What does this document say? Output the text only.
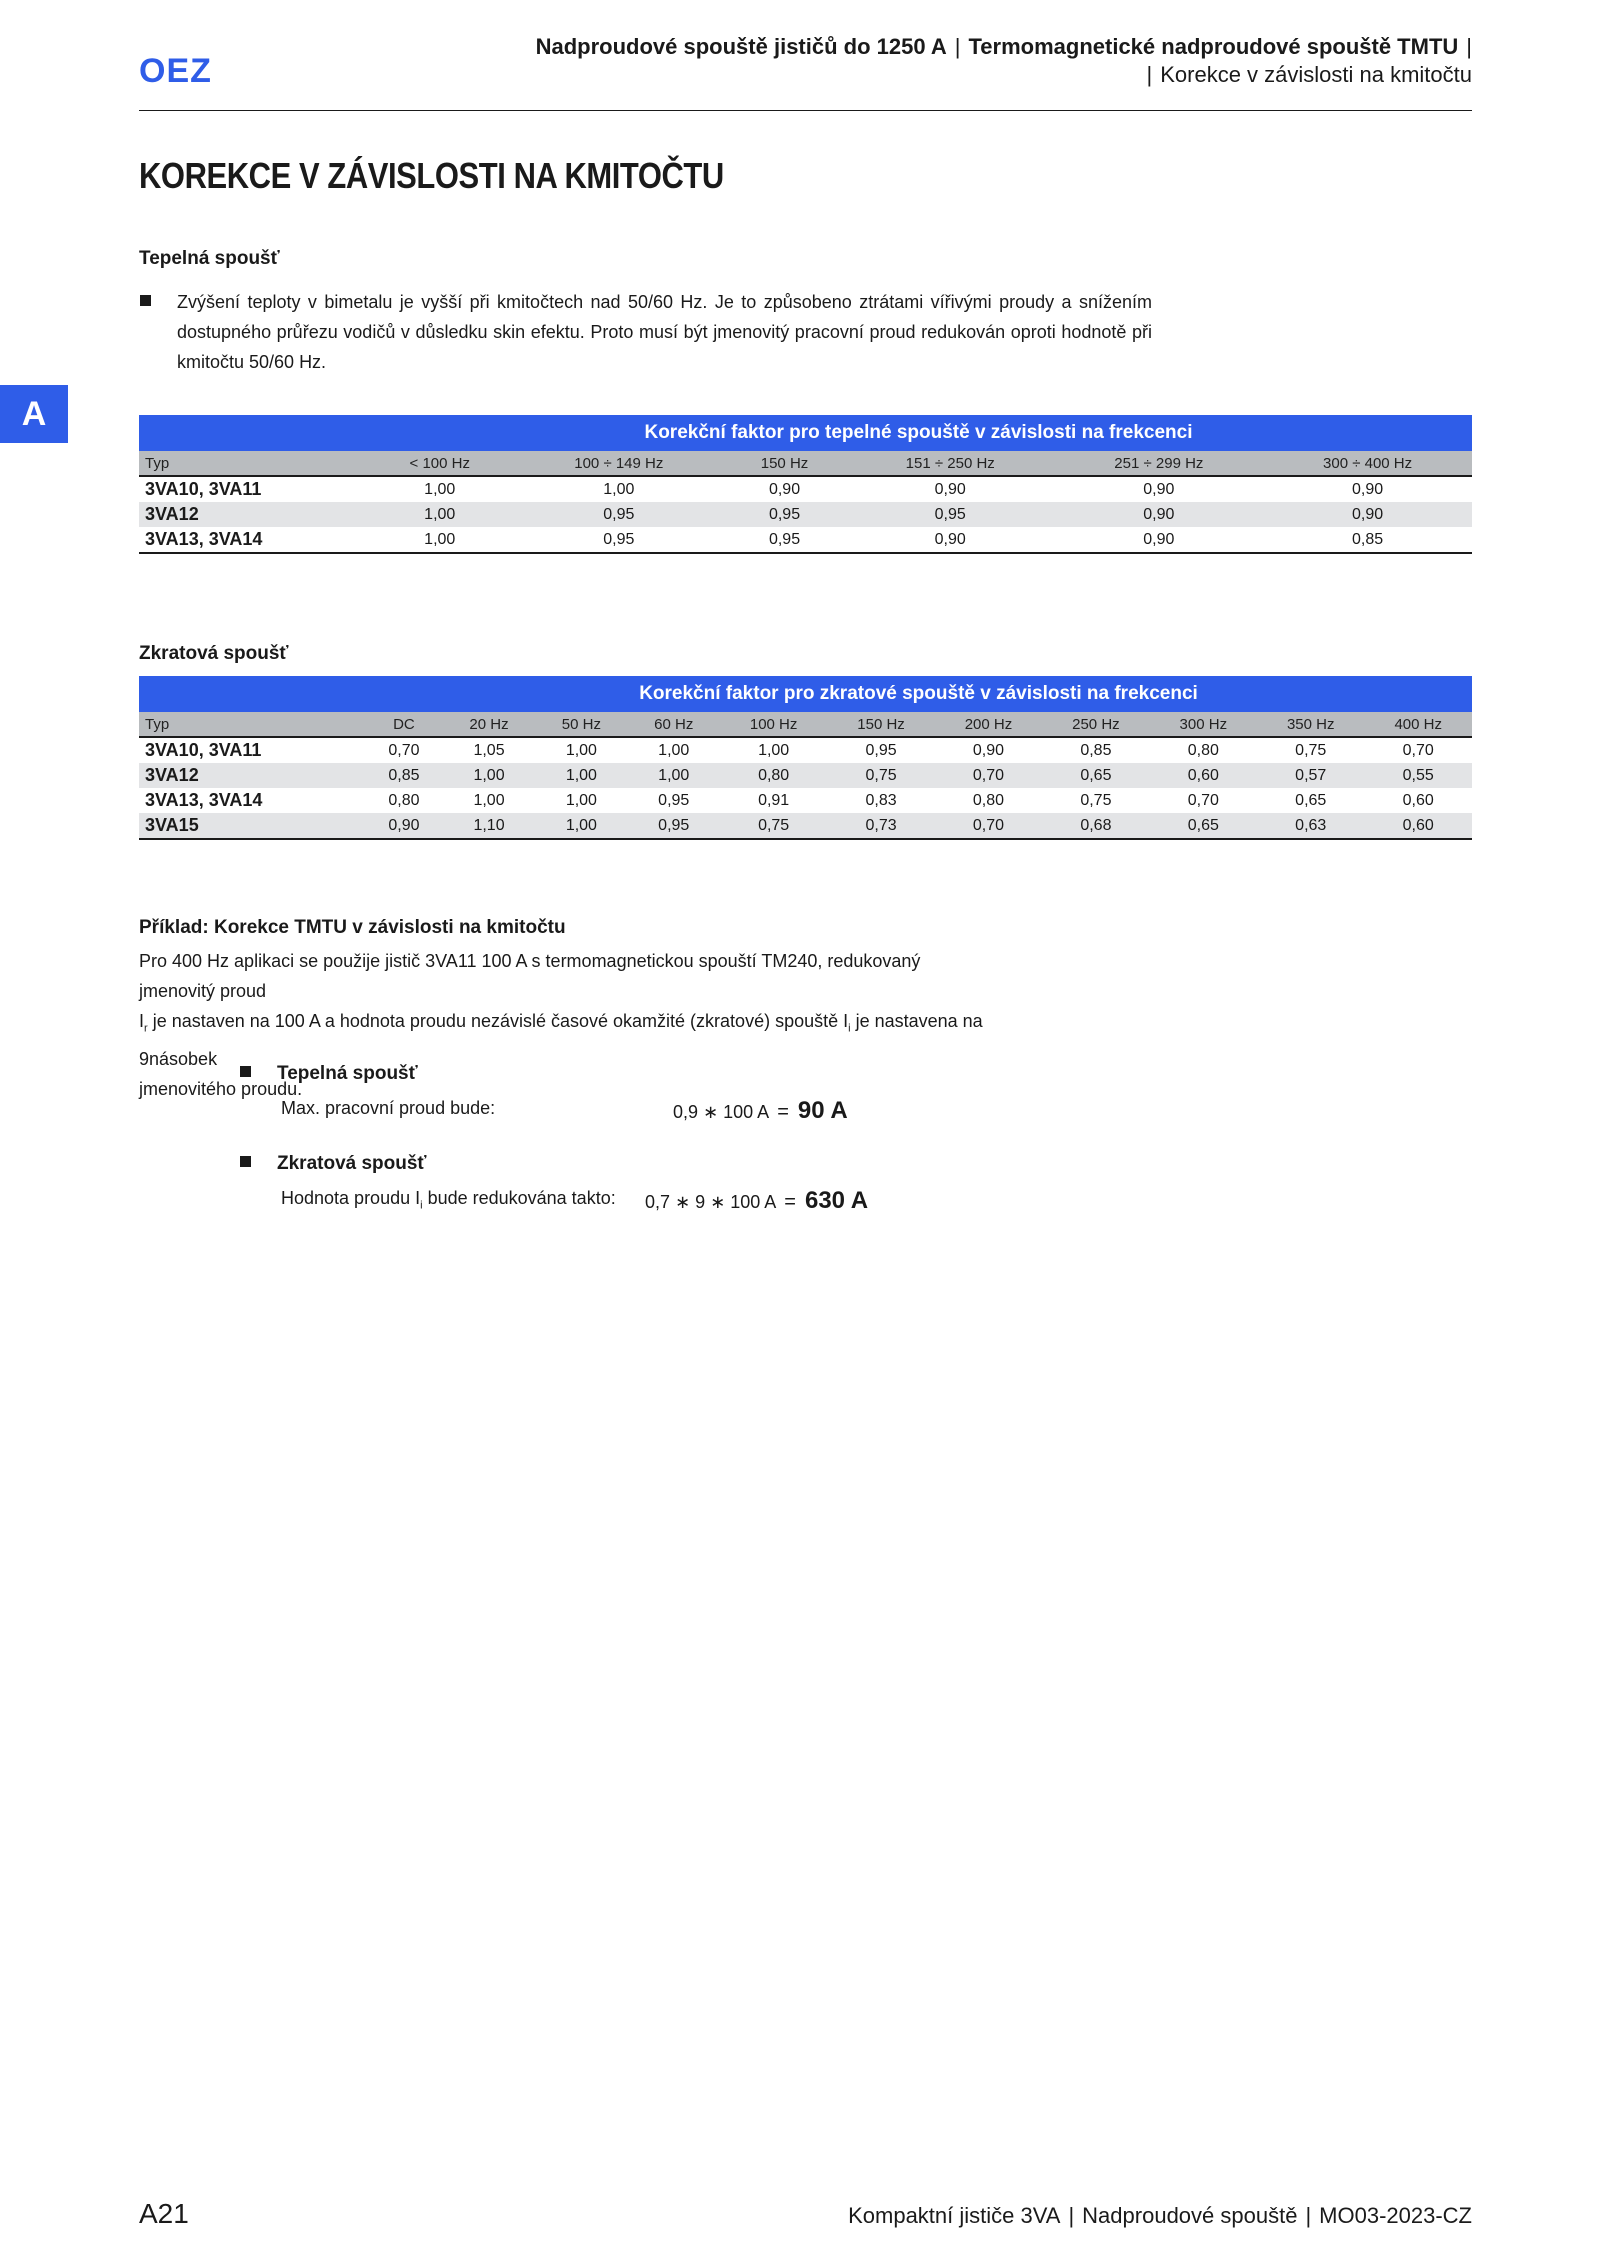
OEZ
Nadproudové spouště jističů do 1250 A | Termomagnetické nadproudové spouště TMTU |
| Korekce v závislosti na kmitočtu
A
KOREKCE V ZÁVISLOSTI NA KMITOČTU
Tepelná spoušť
Zvýšení teploty v bimetalu je vyšší při kmitočtech nad 50/60 Hz. Je to způsobeno ztrátami vířivými proudy a snížením dostupného průřezu vodičů v důsledku skin efektu. Proto musí být jmenovitý pracovní proud redukován oproti hodnotě při kmitočtu 50/60 Hz.
	Korekční faktor pro tepelné spouště v závislosti na frekcenci					
Typ	< 100 Hz	100 ÷ 149 Hz	150 Hz	151 ÷ 250 Hz	251 ÷ 299 Hz	300 ÷ 400 Hz
3VA10, 3VA11	1,00	1,00	0,90	0,90	0,90	0,90
3VA12	1,00	0,95	0,95	0,95	0,90	0,90
3VA13, 3VA14	1,00	0,95	0,95	0,90	0,90	0,85
Zkratová spoušť
	Korekční faktor pro zkratové spouště v závislosti na frekcenci										
Typ	DC	20 Hz	50 Hz	60 Hz	100 Hz	150 Hz	200 Hz	250 Hz	300 Hz	350 Hz	400 Hz
3VA10, 3VA11	0,70	1,05	1,00	1,00	1,00	0,95	0,90	0,85	0,80	0,75	0,70
3VA12	0,85	1,00	1,00	1,00	0,80	0,75	0,70	0,65	0,60	0,57	0,55
3VA13, 3VA14	0,80	1,00	1,00	0,95	0,91	0,83	0,80	0,75	0,70	0,65	0,60
3VA15	0,90	1,10	1,00	0,95	0,75	0,73	0,70	0,68	0,65	0,63	0,60
Příklad: Korekce TMTU v závislosti na kmitočtu
Pro 400 Hz aplikaci se použije jistič 3VA11 100 A s termomagnetickou spouští TM240, redukovaný jmenovitý proud
$I_r$ je nastaven na 100 A a hodnota proudu nezávislé časové okamžité (zkratové) spouště $I_i$ je nastavena na 9násobek
jmenovitého proudu.
Tepelná spoušť
Max. pracovní proud bude:	0,9 ∗ 100 A = 90 A
Zkratová spoušť
Hodnota proudu $I_i$ bude redukována takto: 0,7 ∗ 9 ∗ 100 A = 630 A
A21	Kompaktní jističe 3VA | Nadproudové spouště | MO03-2023-CZ
